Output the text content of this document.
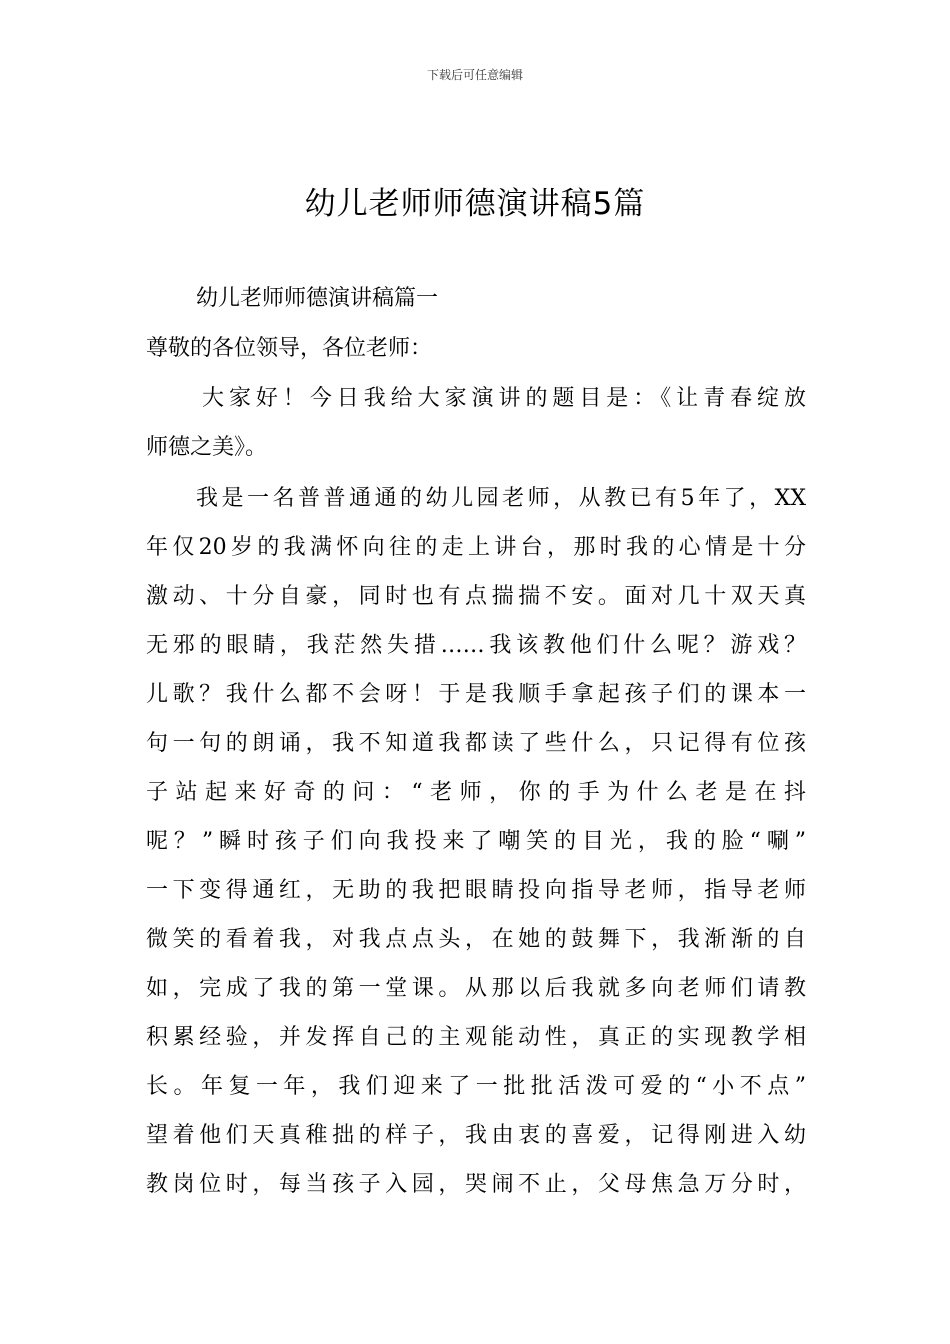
下载后可任意编辑
幼儿老师师德演讲稿5篇
幼儿老师师德演讲稿篇一
尊敬的各位领导，各位老师：
大家好！今日我给大家演讲的题目是：《让青春绽放
师德之美》。
我是一名普普通通的幼儿园老师，从教已有5年了，XX
年仅20岁的我满怀向往的走上讲台，那时我的心情是十分
激动、十分自豪，同时也有点揣揣不安。面对几十双天真
无邪的眼睛，我茫然失措……我该教他们什么呢？游戏？
儿歌？我什么都不会呀！于是我顺手拿起孩子们的课本一
句一句的朗诵，我不知道我都读了些什么，只记得有位孩
子站起来好奇的问：“老师，你的手为什么老是在抖
呢？”瞬时孩子们向我投来了嘲笑的目光，我的脸“唰”
一下变得通红，无助的我把眼睛投向指导老师，指导老师
微笑的看着我，对我点点头，在她的鼓舞下，我渐渐的自
如，完成了我的第一堂课。从那以后我就多向老师们请教
积累经验，并发挥自己的主观能动性，真正的实现教学相
长。年复一年，我们迎来了一批批活泼可爱的“小不点”
望着他们天真稚拙的样子，我由衷的喜爱，记得刚进入幼
教岗位时，每当孩子入园，哭闹不止，父母焦急万分时，
